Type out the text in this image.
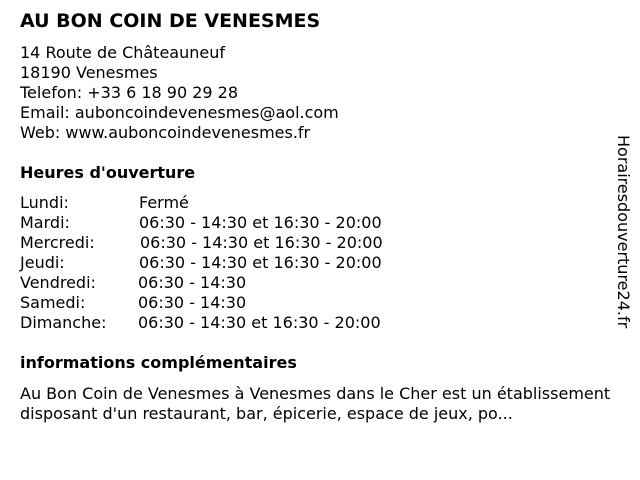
AU BON COIN DE VENESMES
14 Route de Châteauneuf
18190 Venesmes
Telefon: +33 6 18 90 29 28
Email: auboncoindevenesmes@aol.com
Web: www.auboncoindevenesmes.fr
Heures d'ouverture
Lundi:	Fermé
Mardi:	06:30 - 14:30 et 16:30 - 20:00
Mercredi:	06:30 - 14:30 et 16:30 - 20:00
Jeudi:	06:30 - 14:30 et 16:30 - 20:00
Vendredi:	06:30 - 14:30
Samedi:	06:30 - 14:30
Dimanche: 06:30 - 14:30 et 16:30 - 20:00
informations complémentaires
Au Bon Coin de Venesmes à Venesmes dans le Cher est un établissement disposant d'un restaurant, bar, épicerie, espace de jeux, po...
Horairesdouverture24.fr
